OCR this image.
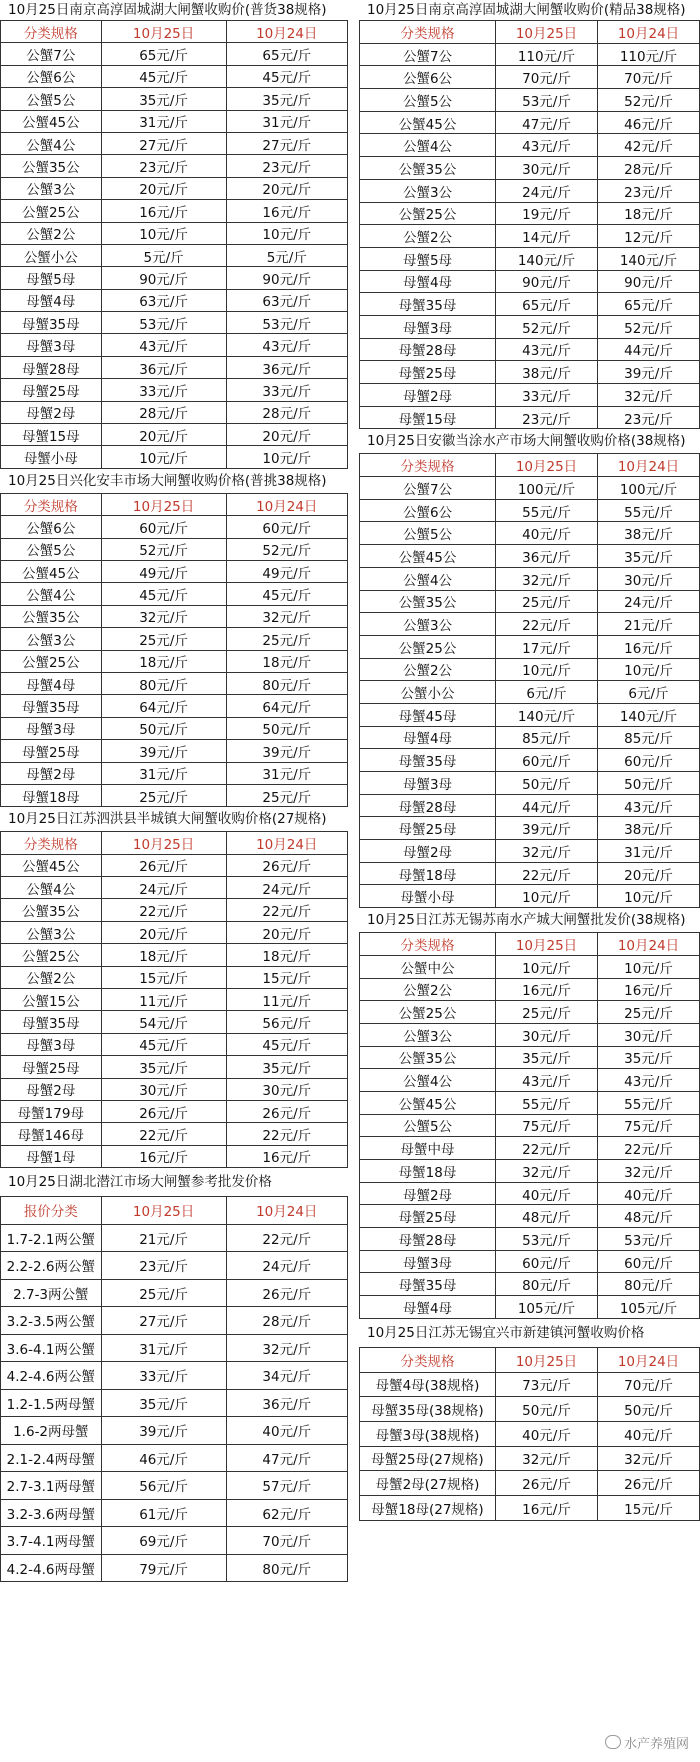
10月25日南京高淳固城湖大闸蟹收购价(普货38规格)
分类规格	10月25日	10月24日
公蟹7公	65元/斤	65元/斤
公蟹6公	45元/斤	45元/斤
公蟹5公	35元/斤	35元/斤
公蟹45公	31元/斤	31元/斤
公蟹4公	27元/斤	27元/斤
公蟹35公	23元/斤	23元/斤
公蟹3公	20元/斤	20元/斤
公蟹25公	16元/斤	16元/斤
公蟹2公	10元/斤	10元/斤
公蟹小公	5元/斤	5元/斤
母蟹5母	90元/斤	90元/斤
母蟹4母	63元/斤	63元/斤
母蟹35母	53元/斤	53元/斤
母蟹3母	43元/斤	43元/斤
母蟹28母	36元/斤	36元/斤
母蟹25母	33元/斤	33元/斤
母蟹2母	28元/斤	28元/斤
母蟹15母	20元/斤	20元/斤
母蟹小母	10元/斤	10元/斤
10月25日兴化安丰市场大闸蟹收购价格(普挑38规格)
分类规格	10月25日	10月24日
公蟹6公	60元/斤	60元/斤
公蟹5公	52元/斤	52元/斤
公蟹45公	49元/斤	49元/斤
公蟹4公	45元/斤	45元/斤
公蟹35公	32元/斤	32元/斤
公蟹3公	25元/斤	25元/斤
公蟹25公	18元/斤	18元/斤
母蟹4母	80元/斤	80元/斤
母蟹35母	64元/斤	64元/斤
母蟹3母	50元/斤	50元/斤
母蟹25母	39元/斤	39元/斤
母蟹2母	31元/斤	31元/斤
母蟹18母	25元/斤	25元/斤
10月25日江苏泗洪县半城镇大闸蟹收购价格(27规格)
分类规格	10月25日	10月24日
公蟹45公	26元/斤	26元/斤
公蟹4公	24元/斤	24元/斤
公蟹35公	22元/斤	22元/斤
公蟹3公	20元/斤	20元/斤
公蟹25公	18元/斤	18元/斤
公蟹2公	15元/斤	15元/斤
公蟹15公	11元/斤	11元/斤
母蟹35母	54元/斤	56元/斤
母蟹3母	45元/斤	45元/斤
母蟹25母	35元/斤	35元/斤
母蟹2母	30元/斤	30元/斤
母蟹179母	26元/斤	26元/斤
母蟹146母	22元/斤	22元/斤
母蟹1母	16元/斤	16元/斤
10月25日湖北潜江市场大闸蟹参考批发价格
报价分类	10月25日	10月24日
1.7-2.1两公蟹	21元/斤	22元/斤
2.2-2.6两公蟹	23元/斤	24元/斤
2.7-3两公蟹	25元/斤	26元/斤
3.2-3.5两公蟹	27元/斤	28元/斤
3.6-4.1两公蟹	31元/斤	32元/斤
4.2-4.6两公蟹	33元/斤	34元/斤
1.2-1.5两母蟹	35元/斤	36元/斤
1.6-2两母蟹	39元/斤	40元/斤
2.1-2.4两母蟹	46元/斤	47元/斤
2.7-3.1两母蟹	56元/斤	57元/斤
3.2-3.6两母蟹	61元/斤	62元/斤
3.7-4.1两母蟹	69元/斤	70元/斤
4.2-4.6两母蟹	79元/斤	80元/斤
10月25日南京高淳固城湖大闸蟹收购价(精品38规格)
分类规格	10月25日	10月24日
公蟹7公	110元/斤	110元/斤
公蟹6公	70元/斤	70元/斤
公蟹5公	53元/斤	52元/斤
公蟹45公	47元/斤	46元/斤
公蟹4公	43元/斤	42元/斤
公蟹35公	30元/斤	28元/斤
公蟹3公	24元/斤	23元/斤
公蟹25公	19元/斤	18元/斤
公蟹2公	14元/斤	12元/斤
母蟹5母	140元/斤	140元/斤
母蟹4母	90元/斤	90元/斤
母蟹35母	65元/斤	65元/斤
母蟹3母	52元/斤	52元/斤
母蟹28母	43元/斤	44元/斤
母蟹25母	38元/斤	39元/斤
母蟹2母	33元/斤	32元/斤
母蟹15母	23元/斤	23元/斤
10月25日安徽当涂水产市场大闸蟹收购价格(38规格)
分类规格	10月25日	10月24日
公蟹7公	100元/斤	100元/斤
公蟹6公	55元/斤	55元/斤
公蟹5公	40元/斤	38元/斤
公蟹45公	36元/斤	35元/斤
公蟹4公	32元/斤	30元/斤
公蟹35公	25元/斤	24元/斤
公蟹3公	22元/斤	21元/斤
公蟹25公	17元/斤	16元/斤
公蟹2公	10元/斤	10元/斤
公蟹小公	6元/斤	6元/斤
母蟹45母	140元/斤	140元/斤
母蟹4母	85元/斤	85元/斤
母蟹35母	60元/斤	60元/斤
母蟹3母	50元/斤	50元/斤
母蟹28母	44元/斤	43元/斤
母蟹25母	39元/斤	38元/斤
母蟹2母	32元/斤	31元/斤
母蟹18母	22元/斤	20元/斤
母蟹小母	10元/斤	10元/斤
10月25日江苏无锡苏南水产城大闸蟹批发价(38规格)
分类规格	10月25日	10月24日
公蟹中公	10元/斤	10元/斤
公蟹2公	16元/斤	16元/斤
公蟹25公	25元/斤	25元/斤
公蟹3公	30元/斤	30元/斤
公蟹35公	35元/斤	35元/斤
公蟹4公	43元/斤	43元/斤
公蟹45公	55元/斤	55元/斤
公蟹5公	75元/斤	75元/斤
母蟹中母	22元/斤	22元/斤
母蟹18母	32元/斤	32元/斤
母蟹2母	40元/斤	40元/斤
母蟹25母	48元/斤	48元/斤
母蟹28母	53元/斤	53元/斤
母蟹3母	60元/斤	60元/斤
母蟹35母	80元/斤	80元/斤
母蟹4母	105元/斤	105元/斤
10月25日江苏无锡宜兴市新建镇河蟹收购价格
分类规格	10月25日	10月24日
母蟹4母(38规格)	73元/斤	70元/斤
母蟹35母(38规格)	50元/斤	50元/斤
母蟹3母(38规格)	40元/斤	40元/斤
母蟹25母(27规格)	32元/斤	32元/斤
母蟹2母(27规格)	26元/斤	26元/斤
母蟹18母(27规格)	16元/斤	15元/斤
水产养殖网
